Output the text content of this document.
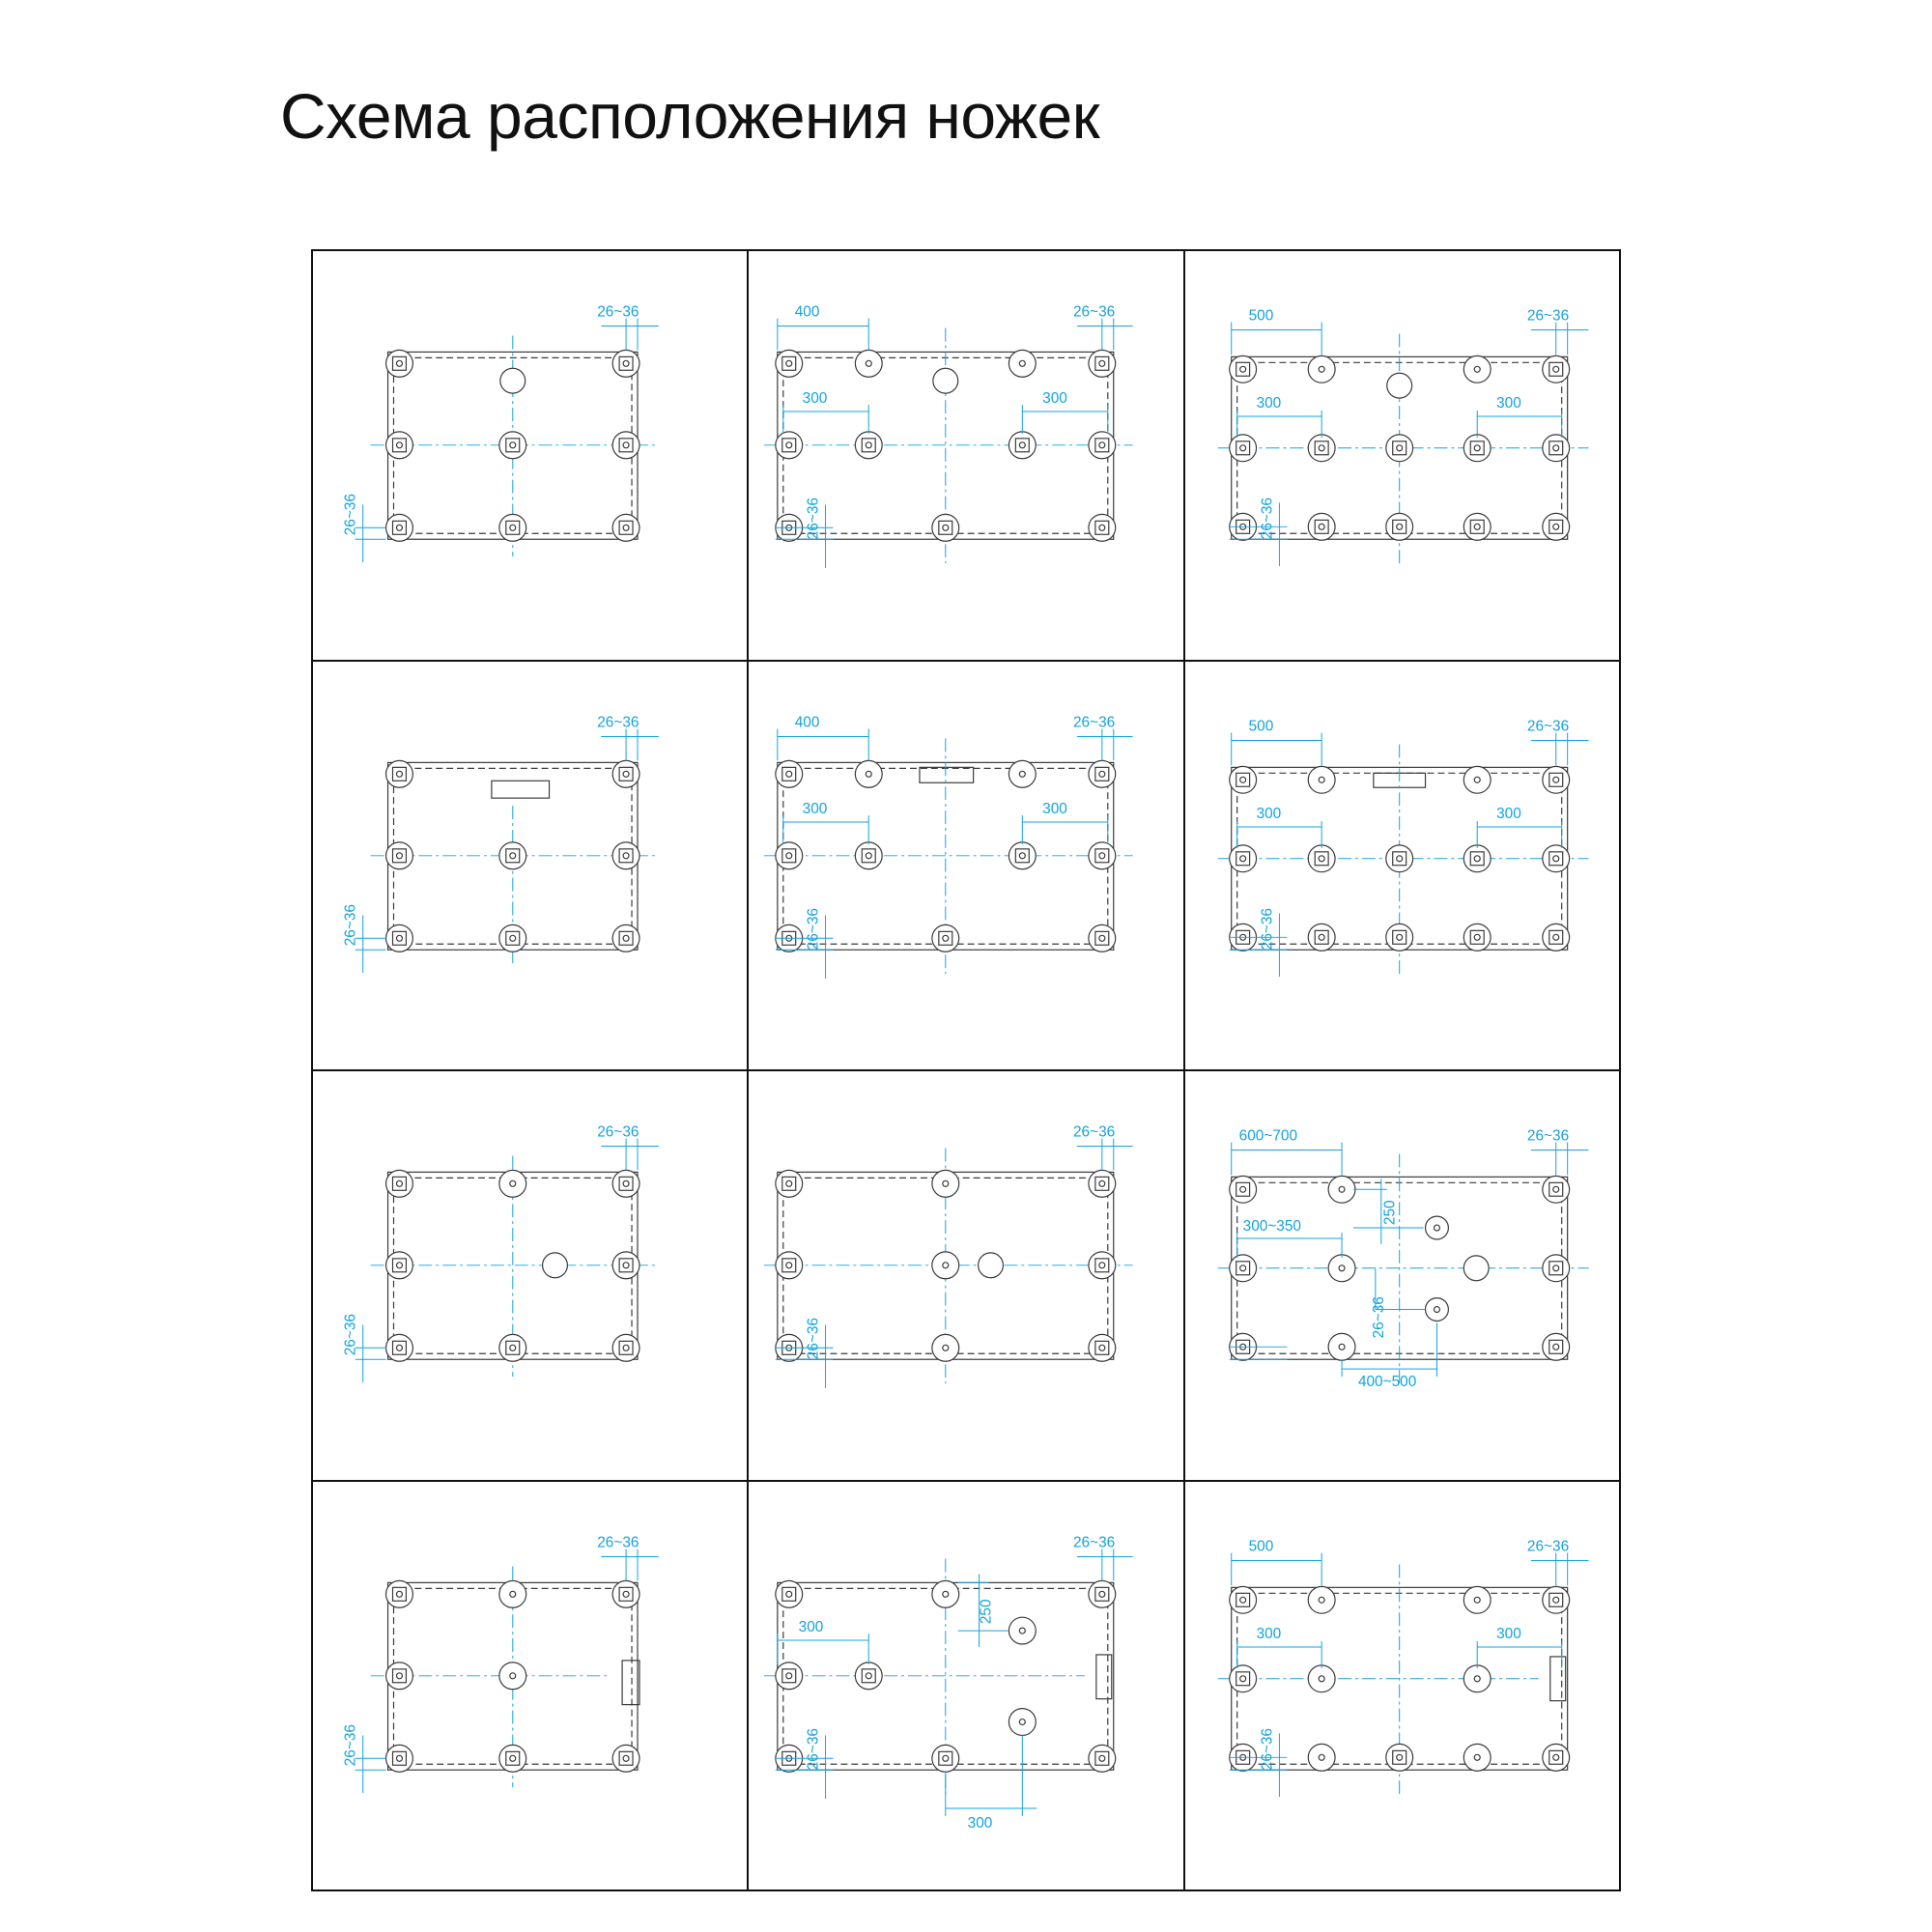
Схема расположения ножек
26~36
26~36
400	26~36
300	300
26~36
500	26~36
300	300
26~36
26~36
26~36
400	26~36
300	300
26~36
500	26~36
300	300
26~36
26~36
26~36
26~36
26~36
600~700	26~36
250
300~350
26~36
400~500
26~36
26~36
26~36
250
300
26~36
300
500	26~36
300	300
26~36
